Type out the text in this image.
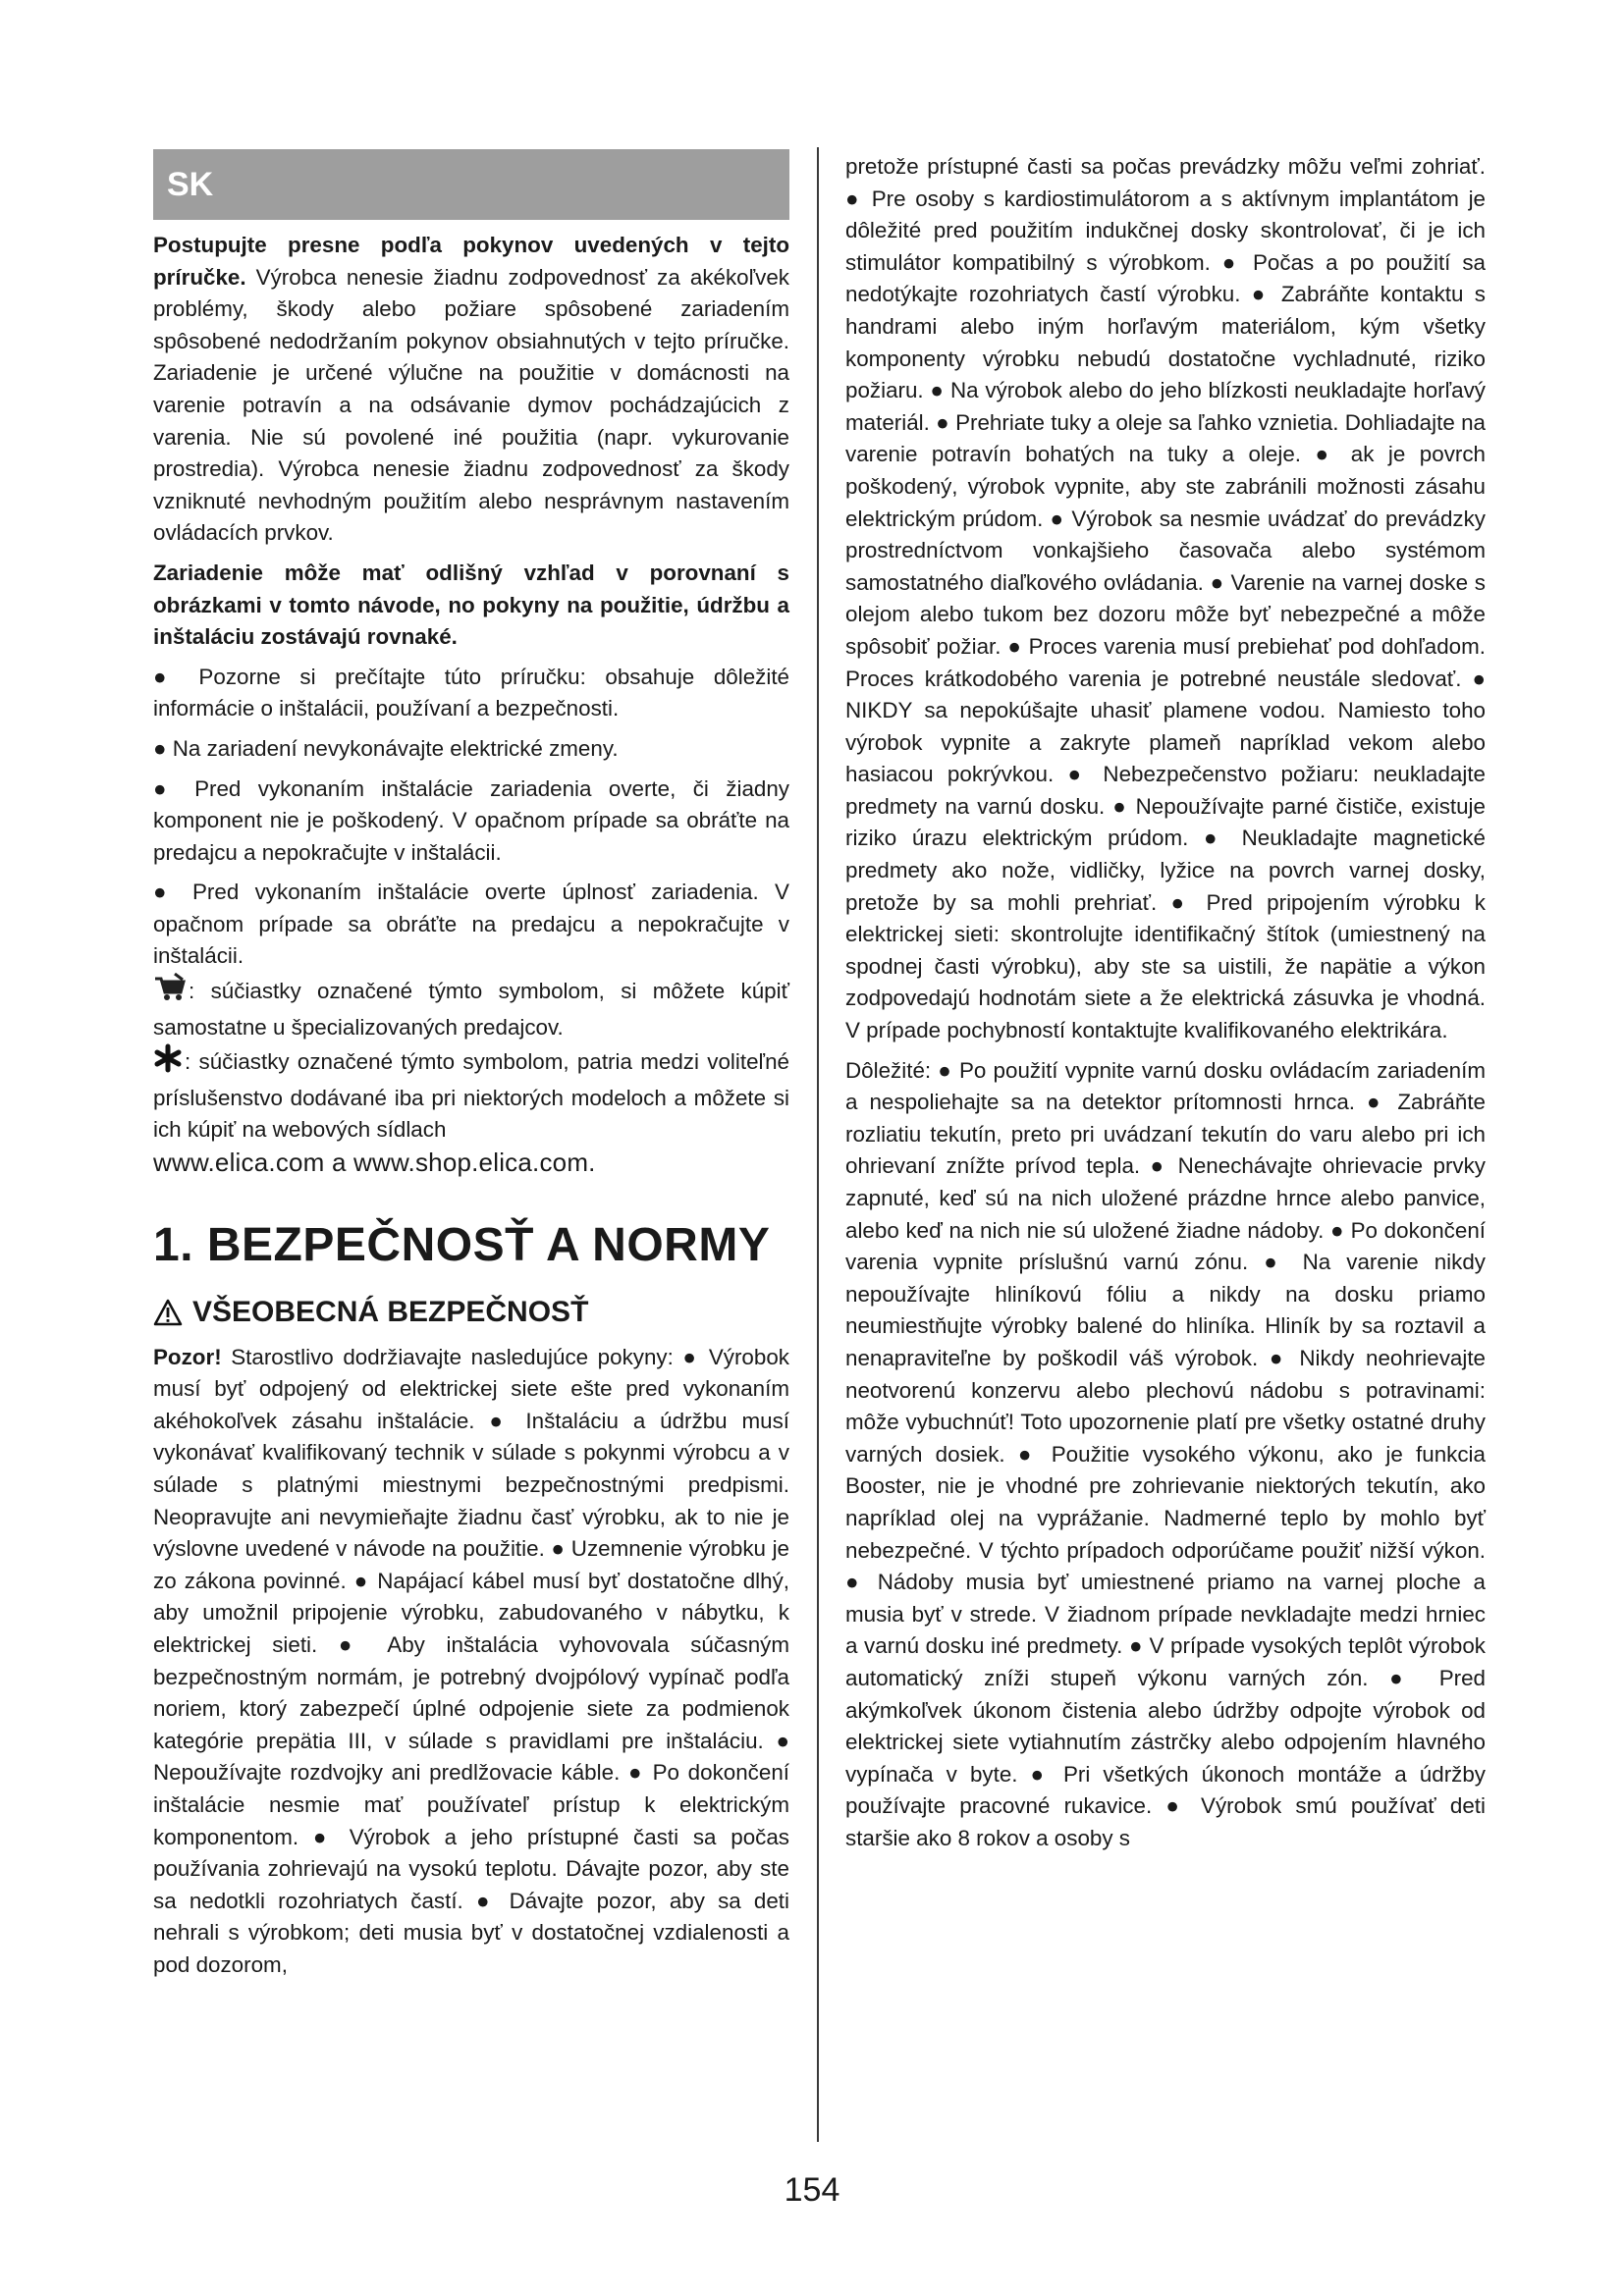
SK

Postupujte presne podľa pokynov uvedených v tejto príručke. Výrobca nenesie žiadnu zodpovednosť za akékoľvek problémy, škody alebo požiare spôsobené zariadením spôsobené nedodržaním pokynov obsiahnutých v tejto príručke. Zariadenie je určené výlučne na použitie v domácnosti na varenie potravín a na odsávanie dymov pochádzajúcich z varenia. Nie sú povolené iné použitia (napr. vykurovanie prostredia). Výrobca nenesie žiadnu zodpovednosť za škody vzniknuté nevhodným použitím alebo nesprávnym nastavením ovládacích prvkov.

Zariadenie môže mať odlišný vzhľad v porovnaní s obrázkami v tomto návode, no pokyny na použitie, údržbu a inštaláciu zostávajú rovnaké.

● Pozorne si prečítajte túto príručku: obsahuje dôležité informácie o inštalácii, používaní a bezpečnosti.

● Na zariadení nevykonávajte elektrické zmeny.

● Pred vykonaním inštalácie zariadenia overte, či žiadny komponent nie je poškodený. V opačnom prípade sa obráťte na predajcu a nepokračujte v inštalácii.

● Pred vykonaním inštalácie overte úplnosť zariadenia. V opačnom prípade sa obráťte na predajcu a nepokračujte v inštalácii.

: súčiastky označené týmto symbolom, si môžete kúpiť samostatne u špecializovaných predajcov.

: súčiastky označené týmto symbolom, patria medzi voliteľné príslušenstvo dodávané iba pri niektorých modeloch a môžete si ich kúpiť na webových sídlach
www.elica.com a www.shop.elica.com.

1. BEZPEČNOSŤ A NORMY
VŠEOBECNÁ BEZPEČNOSŤ

Pozor! Starostlivo dodržiavajte nasledujúce pokyny: ● Výrobok musí byť odpojený od elektrickej siete ešte pred vykonaním akéhokoľvek zásahu inštalácie. ● Inštaláciu a údržbu musí vykonávať kvalifikovaný technik v súlade s pokynmi výrobcu a v súlade s platnými miestnymi bezpečnostnými predpismi. Neopravujte ani nevymieňajte žiadnu časť výrobku, ak to nie je výslovne uvedené v návode na použitie. ● Uzemnenie výrobku je zo zákona povinné. ● Napájací kábel musí byť dostatočne dlhý, aby umožnil pripojenie výrobku, zabudovaného v nábytku, k elektrickej sieti. ● Aby inštalácia vyhovovala súčasným bezpečnostným normám, je potrebný dvojpólový vypínač podľa noriem, ktorý zabezpečí úplné odpojenie siete za podmienok kategórie prepätia III, v súlade s pravidlami pre inštaláciu. ● Nepoužívajte rozdvojky ani predlžovacie káble. ● Po dokončení inštalácie nesmie mať používateľ prístup k elektrickým komponentom. ● Výrobok a jeho prístupné časti sa počas používania zohrievajú na vysokú teplotu. Dávajte pozor, aby ste sa nedotkli rozohriatych častí. ● Dávajte pozor, aby sa deti nehrali s výrobkom; deti musia byť v dostatočnej vzdialenosti a pod dozorom,

pretože prístupné časti sa počas prevádzky môžu veľmi zohriať. ● Pre osoby s kardiostimulátorom a s aktívnym implantátom je dôležité pred použitím indukčnej dosky skontrolovať, či je ich stimulátor kompatibilný s výrobkom. ● Počas a po použití sa nedotýkajte rozohriatych častí výrobku. ● Zabráňte kontaktu s handrami alebo iným horľavým materiálom, kým všetky komponenty výrobku nebudú dostatočne vychladnuté, riziko požiaru. ● Na výrobok alebo do jeho blízkosti neukladajte horľavý materiál. ● Prehriate tuky a oleje sa ľahko vznietia. Dohliadajte na varenie potravín bohatých na tuky a oleje. ● ak je povrch poškodený, výrobok vypnite, aby ste zabránili možnosti zásahu elektrickým prúdom. ● Výrobok sa nesmie uvádzať do prevádzky prostredníctvom vonkajšieho časovača alebo systémom samostatného diaľkového ovládania. ● Varenie na varnej doske s olejom alebo tukom bez dozoru môže byť nebezpečné a môže spôsobiť požiar. ● Proces varenia musí prebiehať pod dohľadom. Proces krátkodobého varenia je potrebné neustále sledovať. ● NIKDY sa nepokúšajte uhasiť plamene vodou. Namiesto toho výrobok vypnite a zakryte plameň napríklad vekom alebo hasiacou pokrývkou. ● Nebezpečenstvo požiaru: neukladajte predmety na varnú dosku. ● Nepoužívajte parné čističe, existuje riziko úrazu elektrickým prúdom. ● Neukladajte magnetické predmety ako nože, vidličky, lyžice na povrch varnej dosky, pretože by sa mohli prehriať. ● Pred pripojením výrobku k elektrickej sieti: skontrolujte identifikačný štítok (umiestnený na spodnej časti výrobku), aby ste sa uistili, že napätie a výkon zodpovedajú hodnotám siete a že elektrická zásuvka je vhodná. V prípade pochybností kontaktujte kvalifikovaného elektrikára.

Dôležité: ● Po použití vypnite varnú dosku ovládacím zariadením a nespoliehajte sa na detektor prítomnosti hrnca. ● Zabráňte rozliatiu tekutín, preto pri uvádzaní tekutín do varu alebo pri ich ohrievaní znížte prívod tepla. ● Nenechávajte ohrievacie prvky zapnuté, keď sú na nich uložené prázdne hrnce alebo panvice, alebo keď na nich nie sú uložené žiadne nádoby. ● Po dokončení varenia vypnite príslušnú varnú zónu. ● Na varenie nikdy nepoužívajte hliníkovú fóliu a nikdy na dosku priamo neumiestňujte výrobky balené do hliníka. Hliník by sa roztavil a nenapraviteľne by poškodil váš výrobok. ● Nikdy neohrievajte neotvorenú konzervu alebo plechovú nádobu s potravinami: môže vybuchnúť! Toto upozornenie platí pre všetky ostatné druhy varných dosiek. ● Použitie vysokého výkonu, ako je funkcia Booster, nie je vhodné pre zohrievanie niektorých tekutín, ako napríklad olej na vyprážanie. Nadmerné teplo by mohlo byť nebezpečné. V týchto prípadoch odporúčame použiť nižší výkon. ● Nádoby musia byť umiestnené priamo na varnej ploche a musia byť v strede. V žiadnom prípade nevkladajte medzi hrniec a varnú dosku iné predmety. ● V prípade vysokých teplôt výrobok automatický zníži stupeň výkonu varných zón. ● Pred akýmkoľvek úkonom čistenia alebo údržby odpojte výrobok od elektrickej siete vytiahnutím zástrčky alebo odpojením hlavného vypínača v byte. ● Pri všetkých úkonoch montáže a údržby používajte pracovné rukavice. ● Výrobok smú používať deti staršie ako 8 rokov a osoby s

154
